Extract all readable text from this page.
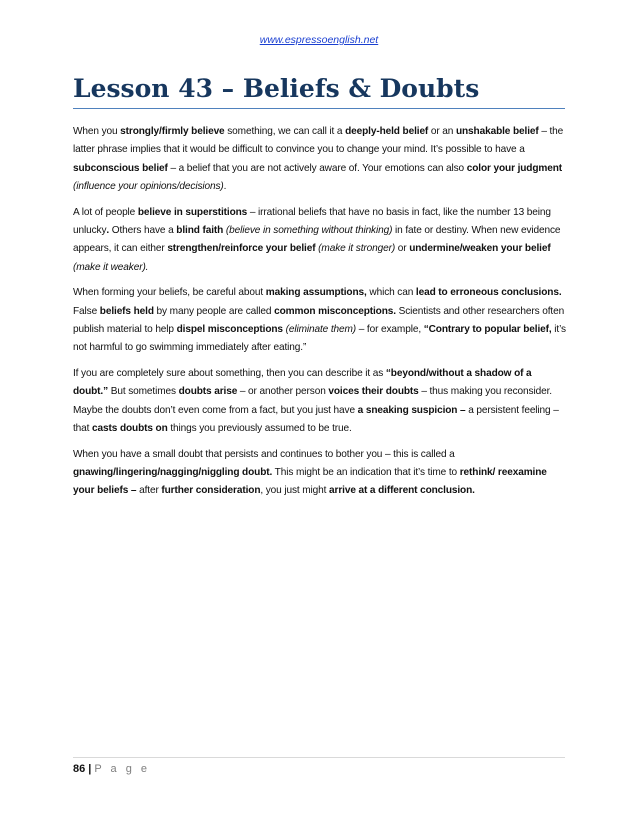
www.espressoenglish.net
Lesson 43 – Beliefs & Doubts

When you strongly/firmly believe something, we can call it a deeply-held belief or an unshakable belief – the latter phrase implies that it would be difficult to convince you to change your mind. It’s possible to have a subconscious belief – a belief that you are not actively aware of. Your emotions can also color your judgment (influence your opinions/decisions).

A lot of people believe in superstitions – irrational beliefs that have no basis in fact, like the number 13 being unlucky. Others have a blind faith (believe in something without thinking) in fate or destiny. When new evidence appears, it can either strengthen/reinforce your belief (make it stronger) or undermine/weaken your belief (make it weaker).

When forming your beliefs, be careful about making assumptions, which can lead to erroneous conclusions. False beliefs held by many people are called common misconceptions. Scientists and other researchers often publish material to help dispel misconceptions (eliminate them) – for example, “Contrary to popular belief, it’s not harmful to go swimming immediately after eating.”

If you are completely sure about something, then you can describe it as “beyond/without a shadow of a doubt.” But sometimes doubts arise – or another person voices their doubts – thus making you reconsider. Maybe the doubts don’t even come from a fact, but you just have a sneaking suspicion – a persistent feeling – that casts doubts on things you previously assumed to be true.

When you have a small doubt that persists and continues to bother you – this is called a gnawing/lingering/nagging/niggling doubt. This might be an indication that it’s time to rethink/ reexamine your beliefs – after further consideration, you just might arrive at a different conclusion.

86 | P a g e
